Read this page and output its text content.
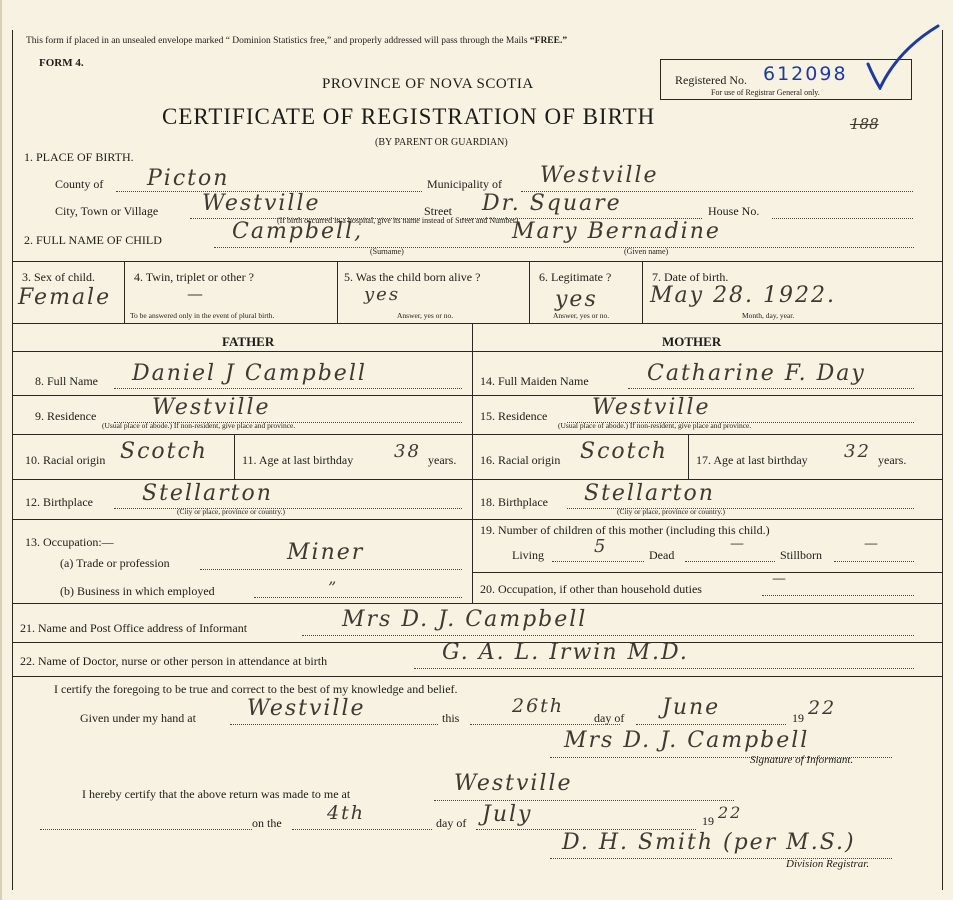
This form if placed in an unsealed envelope marked “ Dominion Statistics free,” and properly addressed will pass through the Mails “FREE.”
FORM 4.
PROVINCE OF NOVA SCOTIA
CERTIFICATE OF REGISTRATION OF BIRTH
(BY PARENT OR GUARDIAN)
Registered No. 612098
For use of Registrar General only.
188
1. PLACE OF BIRTH.
County of Picton	Municipality of Westville
City, Town or Village Westville	Street Dr. Square	House No.
(If birth occurred in a hospital, give its name instead of Street and Number)
2. FULL NAME OF CHILD	Campbell,	Mary Bernadine
(Surname)	(Given name)
3. Sex of child.
Female
4. Twin, triplet or other ?
—
To be answered only in the event of plural birth.
5. Was the child born alive ?
yes
Answer, yes or no.
6. Legitimate ?
yes
Answer, yes or no.
7. Date of birth.
May 28. 1922.
Month, day, year.
FATHER	MOTHER
8. Full Name Daniel J Campbell
9. Residence	Westville
(Usual place of abode.) If non-resident, give place and province.
10. Racial origin Scotch	11. Age at last birthday 38 years.
12. Birthplace Stellarton
(City or place, province or country.)
13. Occupation:—
(a) Trade or profession	Miner
(b) Business in which employed	”
14. Full Maiden Name	Catharine F. Day
15. Residence Westville
(Usual place of abode.) If non-resident, give place and province.
16. Racial origin Scotch 17. Age at last birthday 32 years.
18. Birthplace Stellarton
(City or place, province or country.)
19. Number of children of this mother (including this child.)
Living	5	Dead
—
Stillborn
—
20. Occupation, if other than household duties
—
21. Name and Post Office address of Informant	Mrs D. J. Campbell
22. Name of Doctor, nurse or other person in attendance at birth	G. A. L. Irwin M.D.
I certify the foregoing to be true and correct to the best of my knowledge and belief.
Given under my hand at Westville	this
26th
day of June	19 22
Mrs D. J. Campbell
Signature of Informant.
I hereby certify that the above return was made to me at	Westville
on the 4th	day of July	19 22
D. H. Smith (per M.S.)
Division Registrar.
